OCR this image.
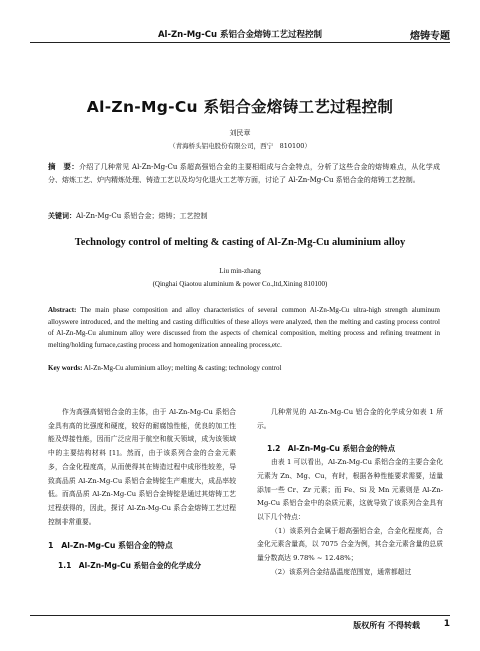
Al-Zn-Mg-Cu 系铝合金熔铸工艺过程控制	熔铸专题
Al-Zn-Mg-Cu 系铝合金熔铸工艺过程控制
刘民章
（青海桥头铝电股份有限公司，西宁　810100）
摘　要：介绍了几种常见 Al-Zn-Mg-Cu 系超高强铝合金的主要相组成与合金特点，分析了这些合金的熔铸难点，从化学成分、熔炼工艺、炉内精炼处理、铸造工艺以及均匀化退火工艺等方面，讨论了 Al-Zn-Mg-Cu 系铝合金的熔铸工艺控制。
关键词：Al-Zn-Mg-Cu 系铝合金；熔铸；工艺控制
Technology control of melting & casting of Al-Zn-Mg-Cu aluminium alloy
Liu min-zhang
(Qinghai Qiaotou aluminium & power Co.,ltd,Xining 810100)
Abstract: The main phase composition and alloy characteristics of several common Al-Zn-Mg-Cu ultra-high strength aluminum alloyswere introduced, and the melting and casting difficulties of these alloys were analyzed, then the melting and casting process control of Al-Zn-Mg-Cu aluminum alloy were discussed from the aspects of chemical composition, melting process and refining treatment in melting/holding furnace,casting process and homogenization annealing process,etc.
Key words: Al-Zn-Mg-Cu aluminium alloy; melting & casting; technology control

作为高强高韧铝合金的主体，由于 Al-Zn-Mg-Cu 系铝合金具有高的比强度和硬度，较好的耐腐蚀性能，优良的加工性能及焊接性能，因而广泛应用于航空和航天领域，成为该领域中的主要结构材料 [1]。然而，由于该系列合金的合金元素多，合金化程度高，从而使得其在铸造过程中成形性较差，导致高品质 Al-Zn-Mg-Cu 系铝合金铸锭生产难度大，成品率较低。而高品质 Al-Zn-Mg-Cu 系铝合金铸锭是通过其熔铸工艺过程获得的，因此，探讨 Al-Zn-Mg-Cu 系合金熔铸工艺过程控制非常重要。

1　Al-Zn-Mg-Cu 系铝合金的特点

1.1　Al-Zn-Mg-Cu 系铝合金的化学成分

几种常见的 Al-Zn-Mg-Cu 铝合金的化学成分如表 1 所示。

1.2　Al-Zn-Mg-Cu 系铝合金的特点

由表 1 可以看出，Al-Zn-Mg-Cu 系铝合金的主要合金化元素为 Zn、Mg、Cu，有时，根据各种性能要求需要，适量添加一些 Cr、Zr 元素；而 Fe、Si 及 Mn 元素则是 Al-Zn-Mg-Cu 系铝合金中的杂质元素，这就导致了该系列合金具有以下几个特点：

（1）该系列合金属于超高强铝合金，合金化程度高，合金化元素含量高，以 7075 合金为例，其合金元素含量的总质量分数高达 9.78% ~ 12.48%；

（2）该系列合金结晶温度范围宽，通常都超过

版权所有 不得转载	1
